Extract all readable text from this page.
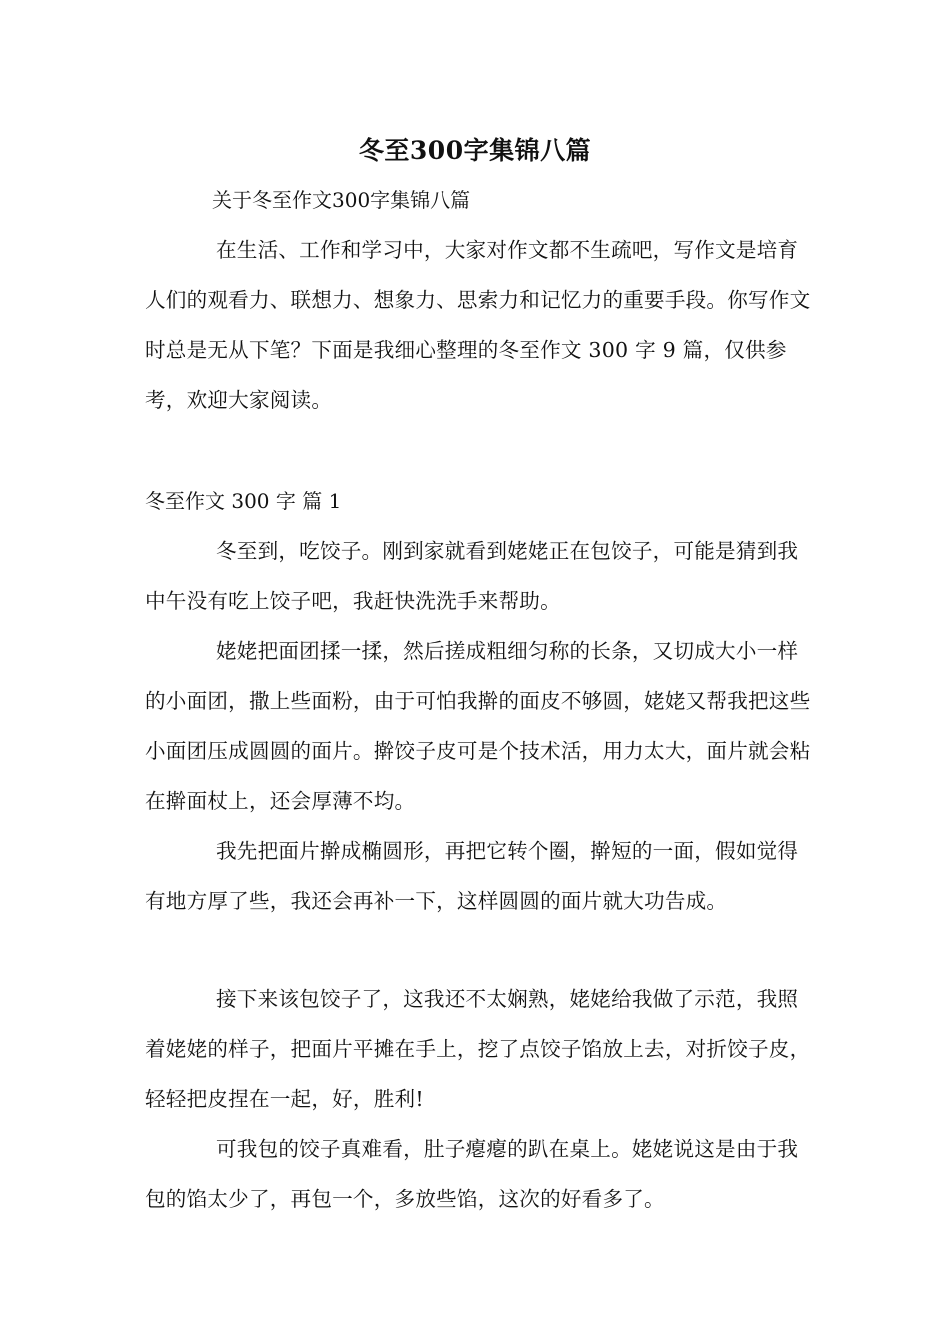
冬至300字集锦八篇
关于冬至作文300字集锦八篇

在生活、工作和学习中，大家对作文都不生疏吧，写作文是培育人们的观看力、联想力、想象力、思索力和记忆力的重要手段。你写作文时总是无从下笔？下面是我细心整理的冬至作文 300 字 9 篇，仅供参考，欢迎大家阅读。

冬至作文 300 字 篇 1

冬至到，吃饺子。刚到家就看到姥姥正在包饺子，可能是猜到我中午没有吃上饺子吧，我赶快洗洗手来帮助。

姥姥把面团揉一揉，然后搓成粗细匀称的长条，又切成大小一样的小面团，撒上些面粉，由于可怕我擀的面皮不够圆，姥姥又帮我把这些小面团压成圆圆的面片。擀饺子皮可是个技术活，用力太大，面片就会粘在擀面杖上，还会厚薄不均。

我先把面片擀成椭圆形，再把它转个圈，擀短的一面，假如觉得有地方厚了些，我还会再补一下，这样圆圆的面片就大功告成。

接下来该包饺子了，这我还不太娴熟，姥姥给我做了示范，我照着姥姥的样子，把面片平摊在手上，挖了点饺子馅放上去，对折饺子皮，轻轻把皮捏在一起，好，胜利!

可我包的饺子真难看，肚子瘪瘪的趴在桌上。姥姥说这是由于我包的馅太少了，再包一个，多放些馅，这次的好看多了。
